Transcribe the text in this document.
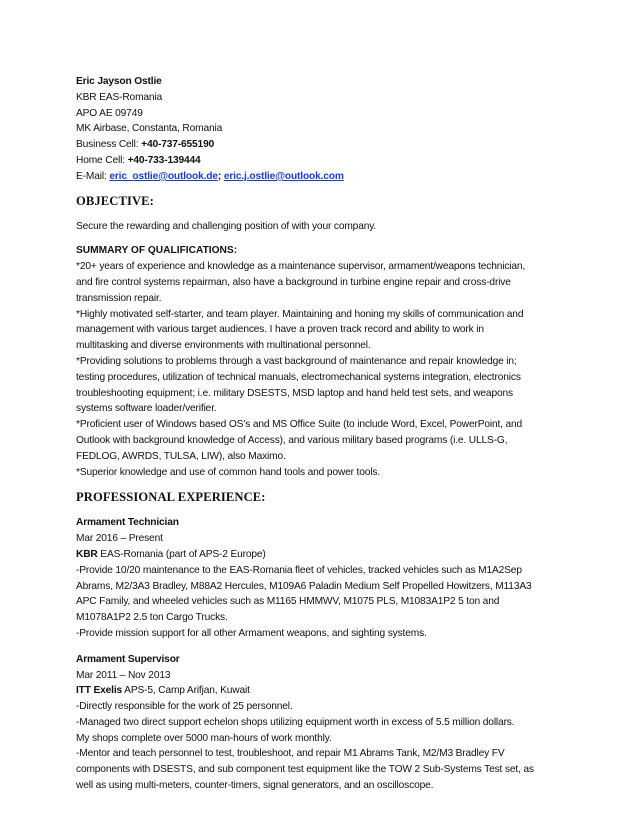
Eric Jayson Ostlie
KBR EAS-Romania
APO AE 09749
MK Airbase, Constanta, Romania
Business Cell: +40-737-655190
Home Cell: +40-733-139444
E-Mail: eric_ostlie@outlook.de; eric.j.ostlie@outlook.com
OBJECTIVE:
Secure the rewarding and challenging position of with your company.
SUMMARY OF QUALIFICATIONS:
*20+ years of experience and knowledge as a maintenance supervisor, armament/weapons technician,
and fire control systems repairman, also have a background in turbine engine repair and cross-drive
transmission repair.
*Highly motivated self-starter, and team player. Maintaining and honing my skills of communication and
management with various target audiences. I have a proven track record and ability to work in
multitasking and diverse environments with multinational personnel.
*Providing solutions to problems through a vast background of maintenance and repair knowledge in;
testing procedures, utilization of technical manuals, electromechanical systems integration, electronics
troubleshooting equipment; i.e. military DSESTS, MSD laptop and hand held test sets, and weapons
systems software loader/verifier.
*Proficient user of Windows based OS’s and MS Office Suite (to include Word, Excel, PowerPoint, and
Outlook with background knowledge of Access), and various military based programs (i.e. ULLS-G,
FEDLOG, AWRDS, TULSA, LIW), also Maximo.
*Superior knowledge and use of common hand tools and power tools.
PROFESSIONAL EXPERIENCE:
Armament Technician
Mar 2016 – Present
KBR EAS-Romania (part of APS-2 Europe)
-Provide 10/20 maintenance to the EAS-Romania fleet of vehicles, tracked vehicles such as M1A2Sep
Abrams, M2/3A3 Bradley, M88A2 Hercules, M109A6 Paladin Medium Self Propelled Howitzers, M113A3
APC Family, and wheeled vehicles such as M1165 HMMWV, M1075 PLS, M1083A1P2 5 ton and
M1078A1P2 2.5 ton Cargo Trucks.
-Provide mission support for all other Armament weapons, and sighting systems.
Armament Supervisor
Mar 2011 – Nov 2013
ITT Exelis APS-5, Camp Arifjan, Kuwait
-Directly responsible for the work of 25 personnel.
-Managed two direct support echelon shops utilizing equipment worth in excess of 5.5 million dollars.
My shops complete over 5000 man-hours of work monthly.
-Mentor and teach personnel to test, troubleshoot, and repair M1 Abrams Tank, M2/M3 Bradley FV
components with DSESTS, and sub component test equipment like the TOW 2 Sub-Systems Test set, as
well as using multi-meters, counter-timers, signal generators, and an oscilloscope.
